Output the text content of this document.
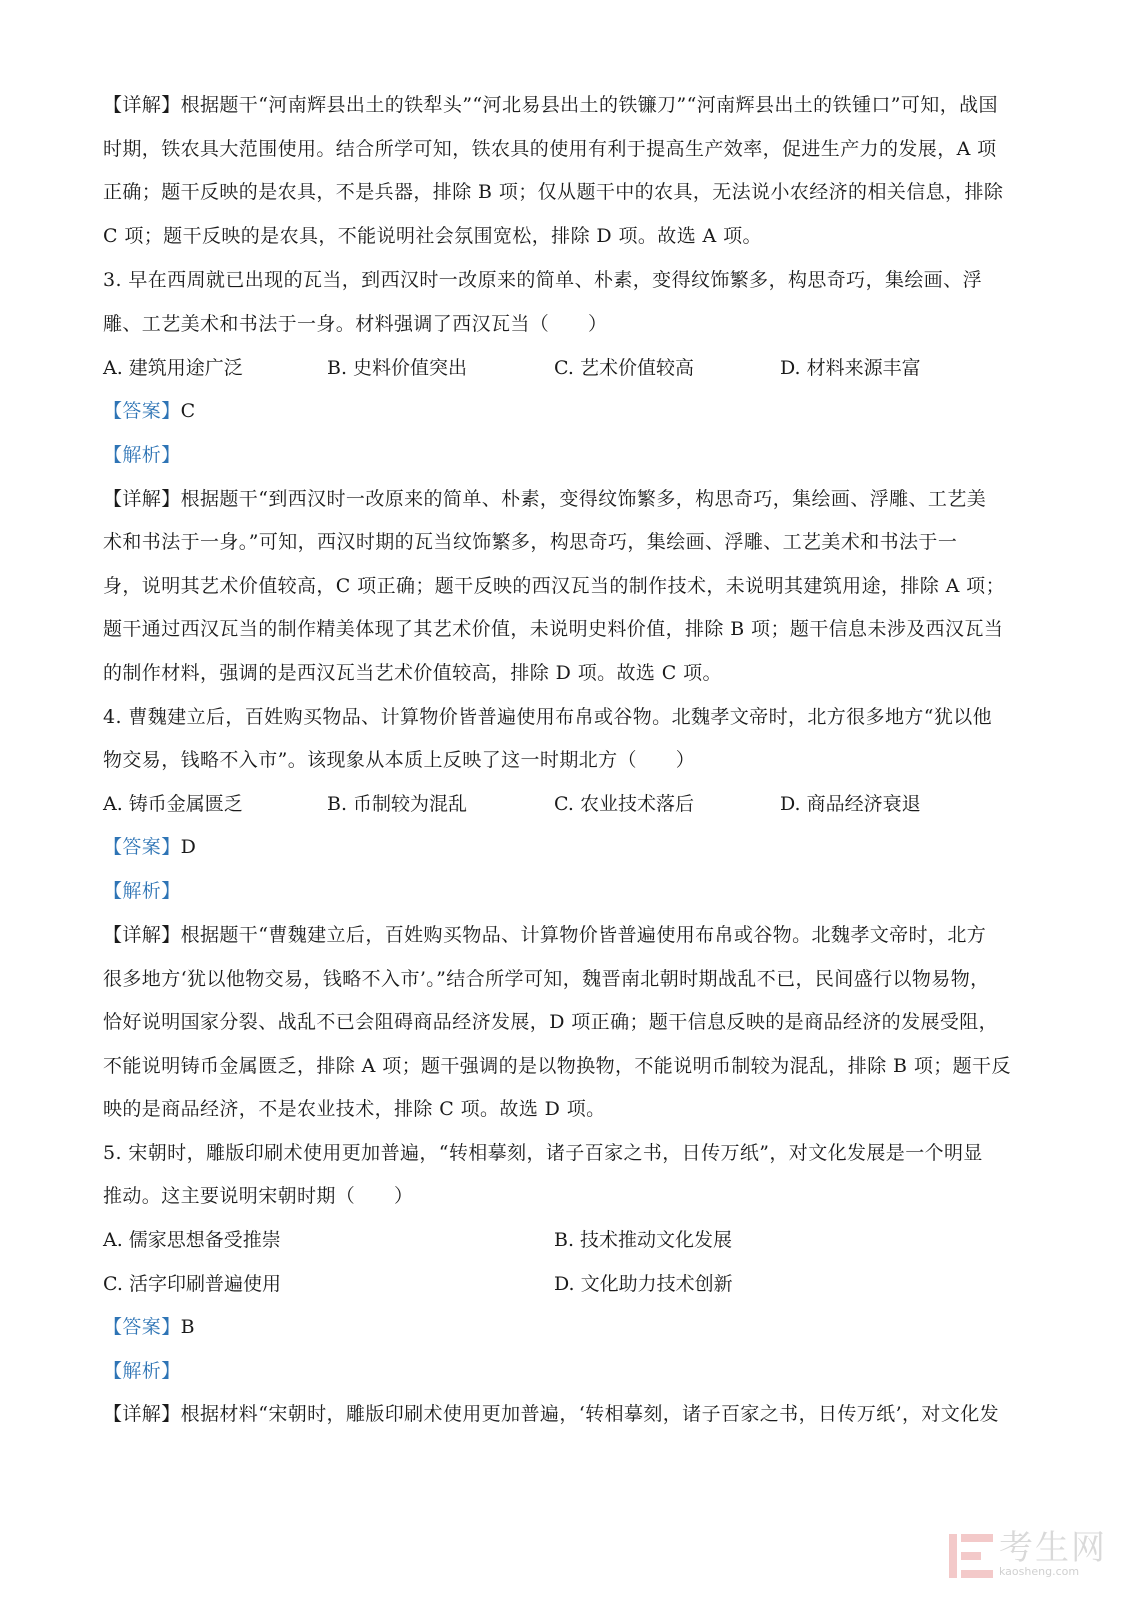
【详解】根据题干“河南辉县出土的铁犁头”“河北易县出土的铁镰刀”“河南辉县出土的铁锺口”可知，战国
时期，铁农具大范围使用。结合所学可知，铁农具的使用有利于提高生产效率，促进生产力的发展，A 项
正确；题干反映的是农具，不是兵器，排除 B 项；仅从题干中的农具，无法说小农经济的相关信息，排除
C 项；题干反映的是农具，不能说明社会氛围宽松，排除 D 项。故选 A 项。
3. 早在西周就已出现的瓦当，到西汉时一改原来的简单、朴素，变得纹饰繁多，构思奇巧，集绘画、浮
雕、工艺美术和书法于一身。材料强调了西汉瓦当（　　）
A. 建筑用途广泛	B. 史料价值突出	C. 艺术价值较高	D. 材料来源丰富
【答案】C
【解析】
【详解】根据题干“到西汉时一改原来的简单、朴素，变得纹饰繁多，构思奇巧，集绘画、浮雕、工艺美
术和书法于一身。”可知，西汉时期的瓦当纹饰繁多，构思奇巧，集绘画、浮雕、工艺美术和书法于一
身，说明其艺术价值较高，C 项正确；题干反映的西汉瓦当的制作技术，未说明其建筑用途，排除 A 项；
题干通过西汉瓦当的制作精美体现了其艺术价值，未说明史料价值，排除 B 项；题干信息未涉及西汉瓦当
的制作材料，强调的是西汉瓦当艺术价值较高，排除 D 项。故选 C 项。
4. 曹魏建立后，百姓购买物品、计算物价皆普遍使用布帛或谷物。北魏孝文帝时，北方很多地方“犹以他
物交易，钱略不入市”。该现象从本质上反映了这一时期北方（　　）
A. 铸币金属匮乏	B. 币制较为混乱	C. 农业技术落后	D. 商品经济衰退
【答案】D
【解析】
【详解】根据题干“曹魏建立后，百姓购买物品、计算物价皆普遍使用布帛或谷物。北魏孝文帝时，北方
很多地方‘犹以他物交易，钱略不入市’。”结合所学可知，魏晋南北朝时期战乱不已，民间盛行以物易物，
恰好说明国家分裂、战乱不已会阻碍商品经济发展，D 项正确；题干信息反映的是商品经济的发展受阻，
不能说明铸币金属匮乏，排除 A 项；题干强调的是以物换物，不能说明币制较为混乱，排除 B 项；题干反
映的是商品经济，不是农业技术，排除 C 项。故选 D 项。
5. 宋朝时，雕版印刷术使用更加普遍，“转相摹刻，诸子百家之书，日传万纸”，对文化发展是一个明显
推动。这主要说明宋朝时期（　　）
A. 儒家思想备受推崇	B. 技术推动文化发展
C. 活字印刷普遍使用	D. 文化助力技术创新
【答案】B
【解析】
【详解】根据材料“宋朝时，雕版印刷术使用更加普遍，‘转相摹刻，诸子百家之书，日传万纸’，对文化发
考生网
kaosheng.com
